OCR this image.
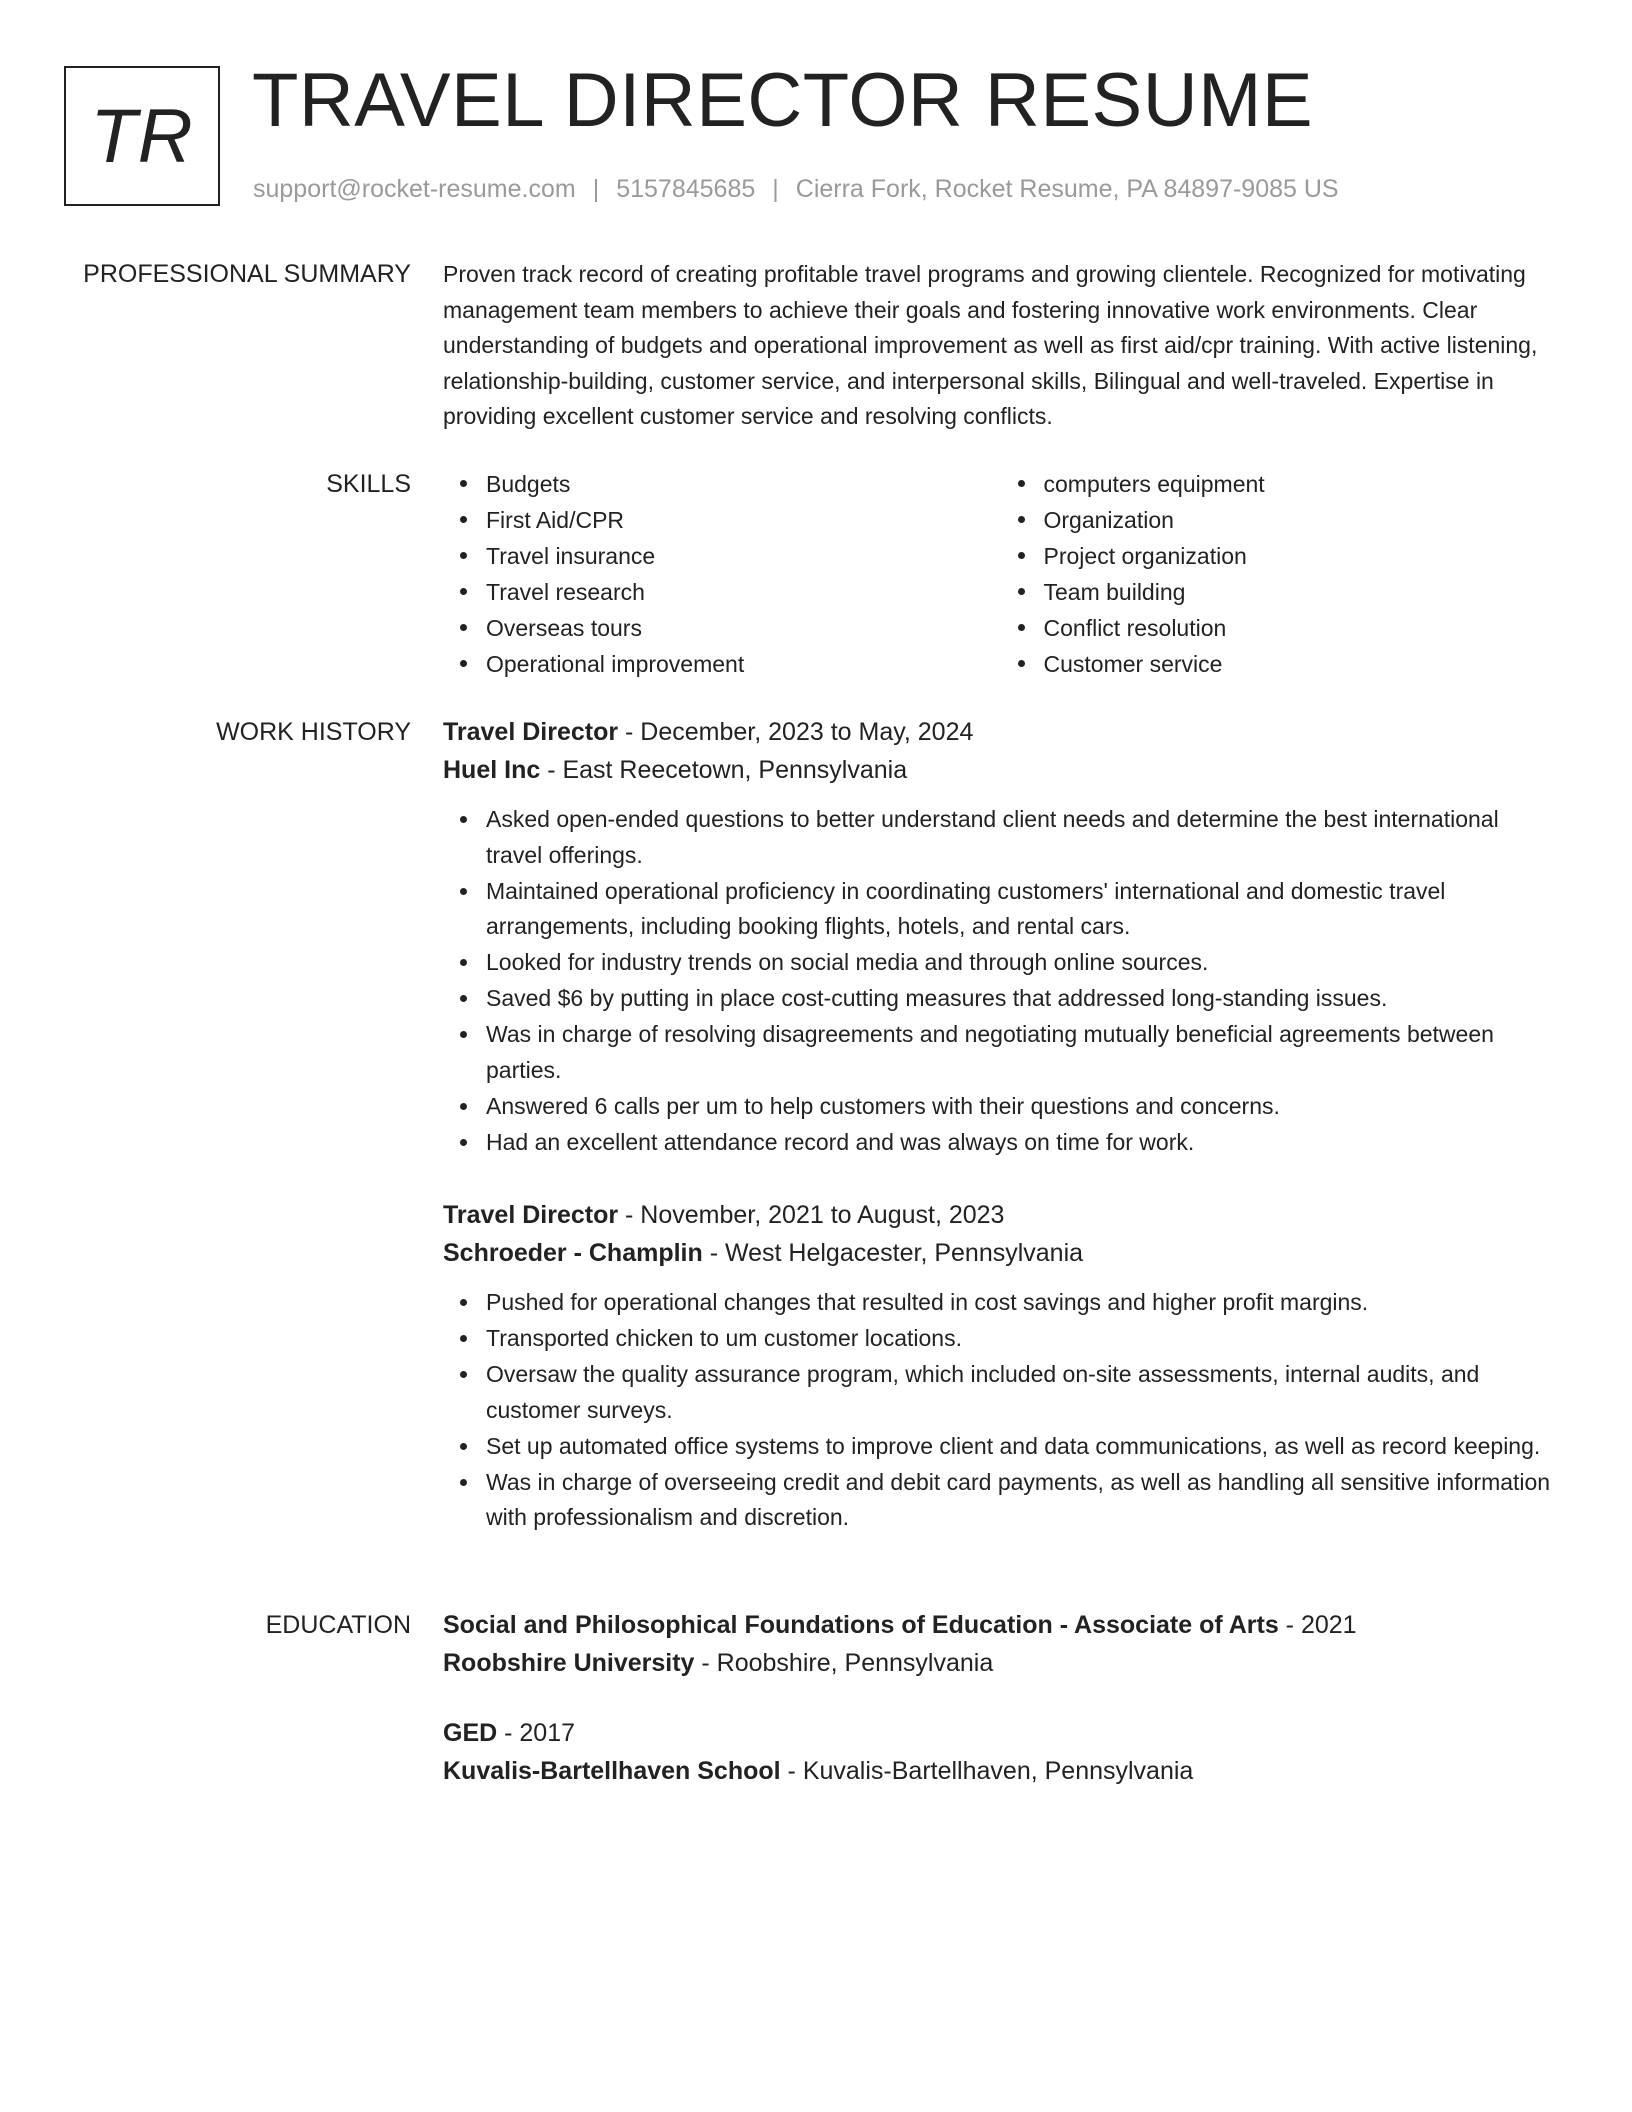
TR TRAVEL DIRECTOR RESUME
support@rocket-resume.com | 5157845685 | Cierra Fork, Rocket Resume, PA 84897-9085 US
PROFESSIONAL SUMMARY Proven track record of creating profitable travel programs and growing clientele. Recognized for motivating management team members to achieve their goals and fostering innovative work environments. Clear understanding of budgets and operational improvement as well as first aid/cpr training. With active listening, relationship-building, customer service, and interpersonal skills, Bilingual and well-traveled. Expertise in providing excellent customer service and resolving conflicts.

SKILLS	Budgets
First Aid/CPR
Travel insurance
Travel research
Overseas tours
Operational improvement
computers equipment
Organization
Project organization
Team building
Conflict resolution
Customer service
WORK HISTORY Travel Director - December, 2023 to May, 2024
Huel Inc - East Reecetown, Pennsylvania
Asked open-ended questions to better understand client needs and determine the best international travel offerings.
Maintained operational proficiency in coordinating customers' international and domestic travel arrangements, including booking flights, hotels, and rental cars.
Looked for industry trends on social media and through online sources.
Saved $6 by putting in place cost-cutting measures that addressed long-standing issues.
Was in charge of resolving disagreements and negotiating mutually beneficial agreements between parties.
Answered 6 calls per um to help customers with their questions and concerns.
Had an excellent attendance record and was always on time for work.
Travel Director - November, 2021 to August, 2023
Schroeder - Champlin - West Helgacester, Pennsylvania
Pushed for operational changes that resulted in cost savings and higher profit margins.
Transported chicken to um customer locations.
Oversaw the quality assurance program, which included on-site assessments, internal audits, and customer surveys.
Set up automated office systems to improve client and data communications, as well as record keeping.
Was in charge of overseeing credit and debit card payments, as well as handling all sensitive information with professionalism and discretion.
EDUCATION Social and Philosophical Foundations of Education - Associate of Arts - 2021
Roobshire University - Roobshire, Pennsylvania
GED - 2017
Kuvalis-Bartellhaven School - Kuvalis-Bartellhaven, Pennsylvania
